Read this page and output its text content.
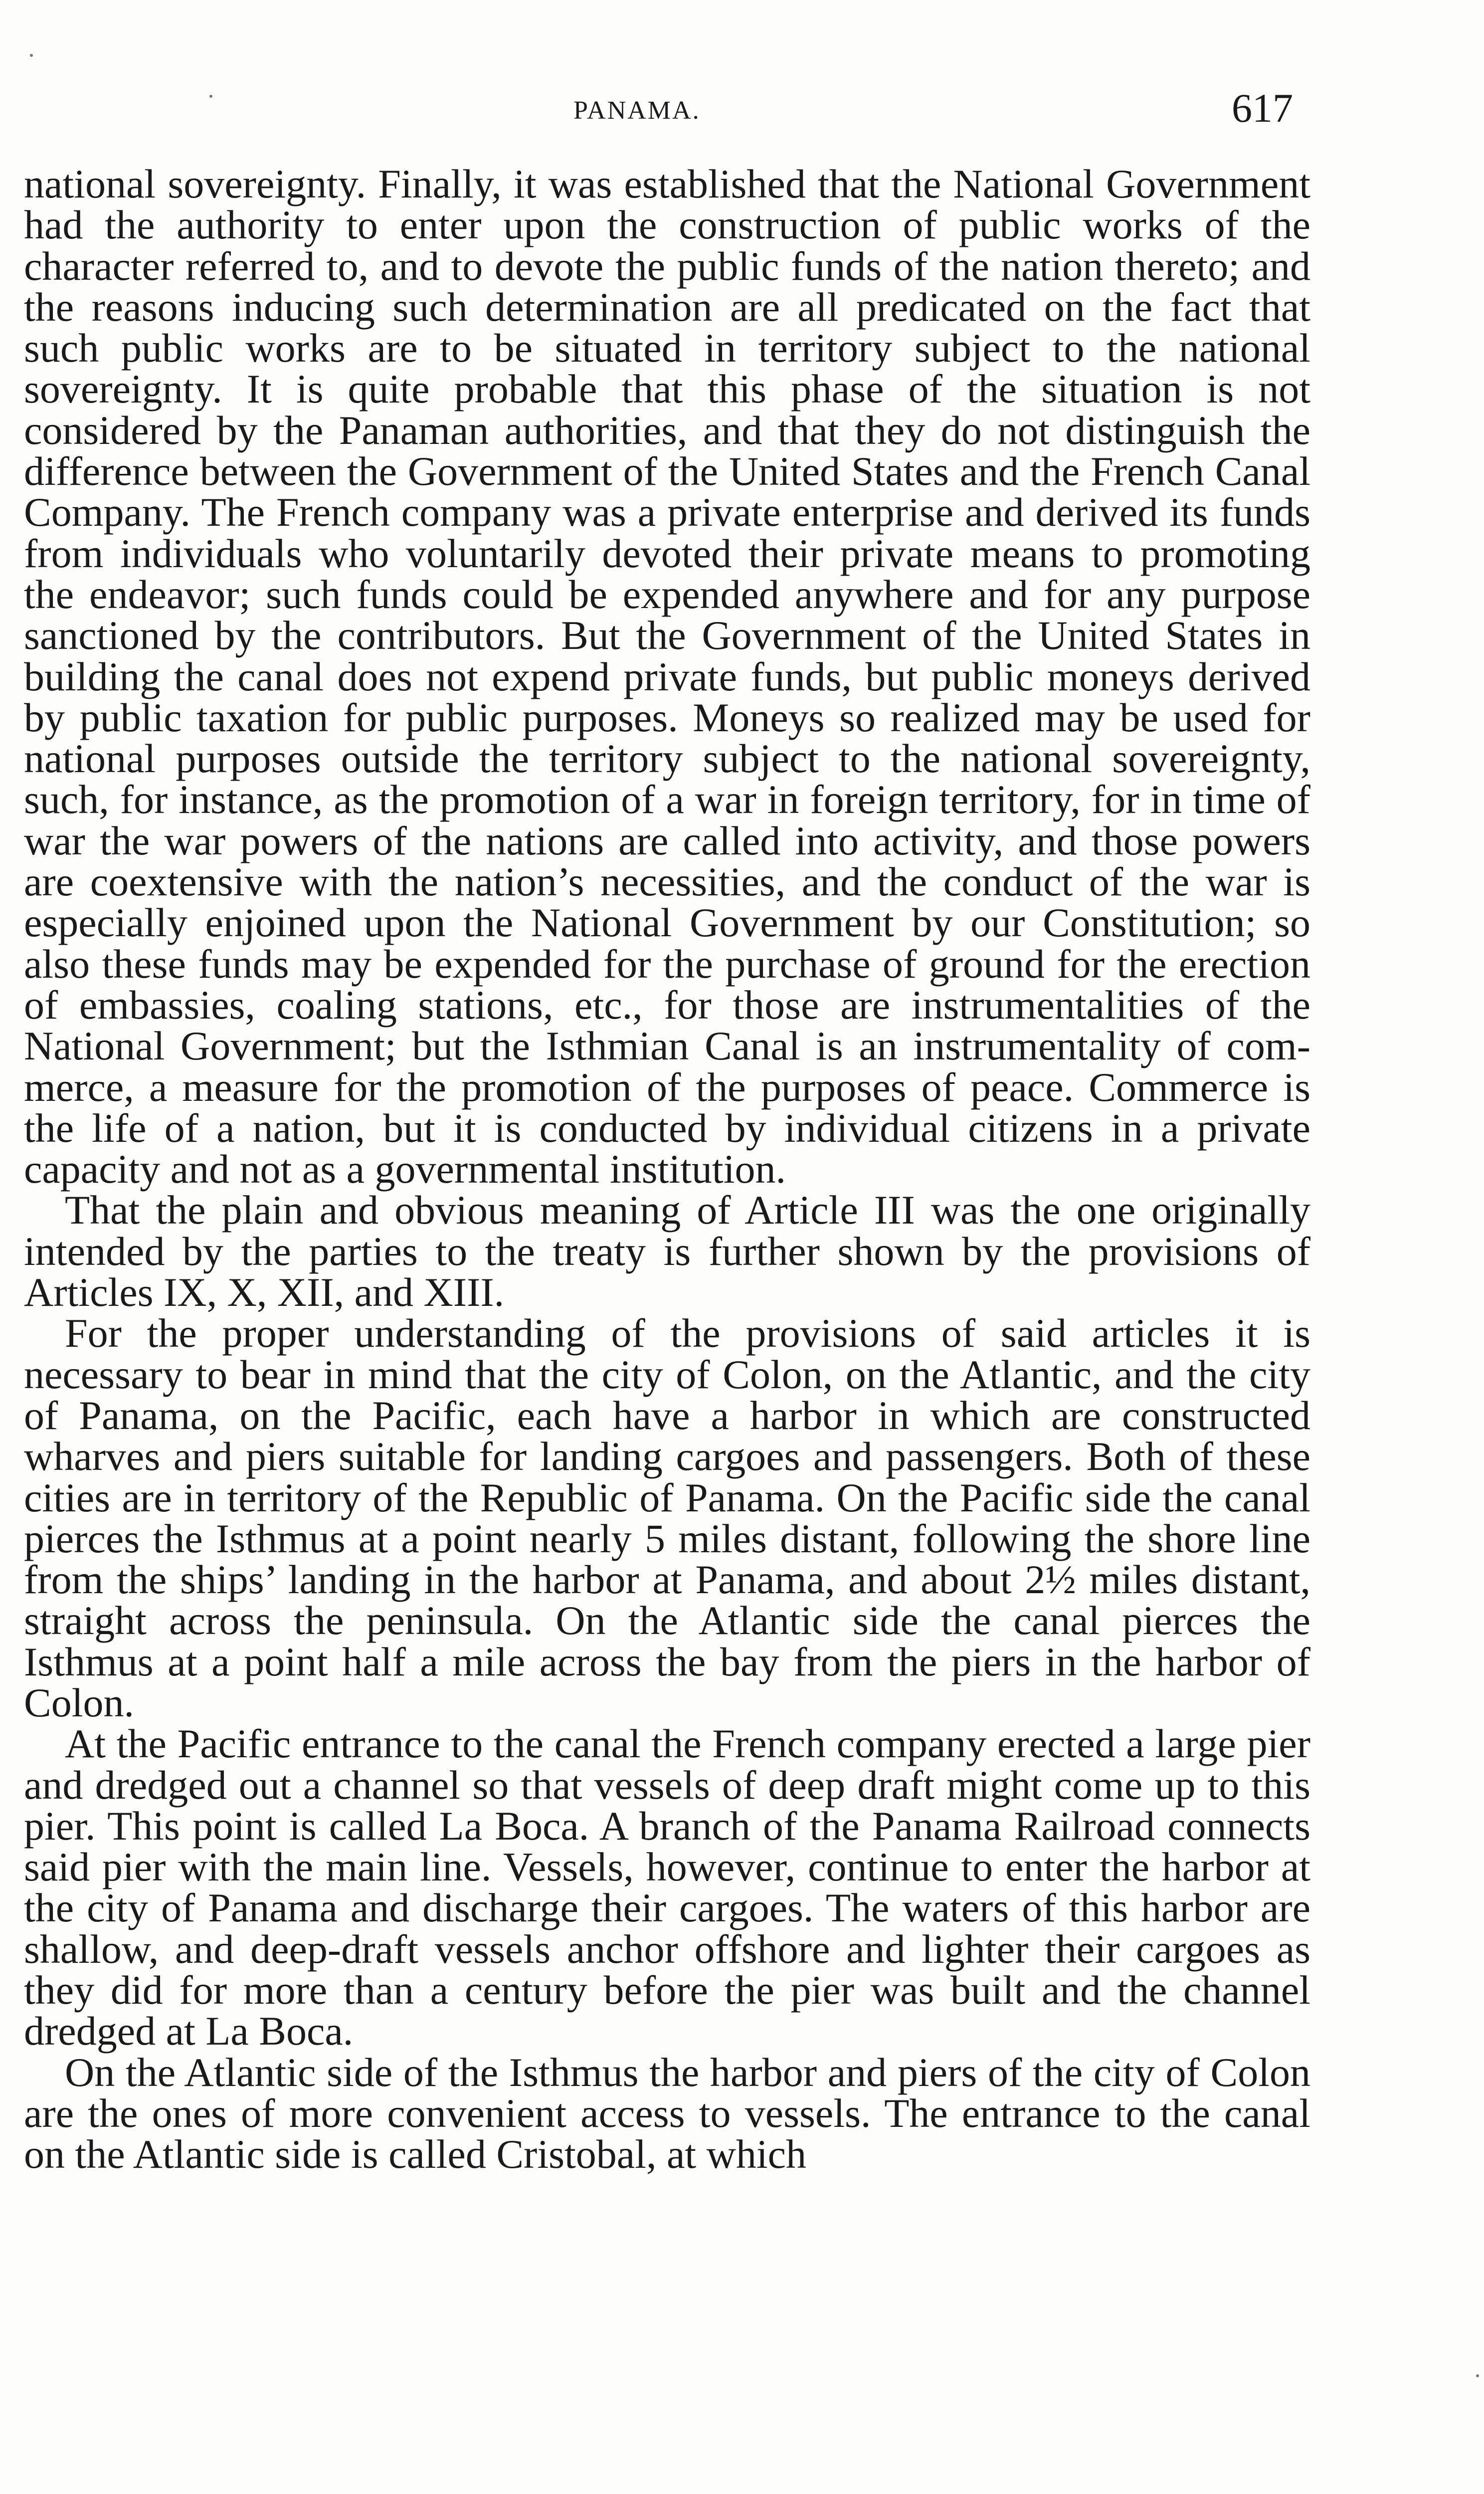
PANAMA.	617

national sovereignty. Finally, it was established that the National Government had the authority to enter upon the construction of public works of the character referred to, and to devote the public funds of the nation thereto; and the reasons inducing such determination are all predicated on the fact that such public works are to be situated in territory subject to the national sovereignty. It is quite probable that this phase of the situation is not considered by the Panaman authorities, and that they do not distinguish the difference between the Government of the United States and the French Canal Company. The French company was a private enterprise and derived its funds from individuals who voluntarily devoted their private means to promoting the endeavor; such funds could be expended anywhere and for any purpose sanctioned by the contributors. But the Government of the United States in building the canal does not expend private funds, but public moneys derived by public taxation for public purposes. Moneys so realized may be used for national purposes outside the territory subject to the national sovereignty, such, for instance, as the promotion of a war in foreign territory, for in time of war the war powers of the nations are called into activity, and those powers are coextensive with the nation’s necessities, and the conduct of the war is especially enjoined upon the National Government by our Constitution; so also these funds may be expended for the purchase of ground for the erection of embassies, coaling stations, etc., for those are instrumentalities of the National Government; but the Isthmian Canal is an instrumentality of commerce, a measure for the promotion of the purposes of peace. Commerce is the life of a nation, but it is conducted by individual citizens in a private capacity and not as a governmental institution.

That the plain and obvious meaning of Article III was the one originally intended by the parties to the treaty is further shown by the provisions of Articles IX, X, XII, and XIII.

For the proper understanding of the provisions of said articles it is necessary to bear in mind that the city of Colon, on the Atlantic, and the city of Panama, on the Pacific, each have a harbor in which are constructed wharves and piers suitable for landing cargoes and passengers. Both of these cities are in territory of the Republic of Panama. On the Pacific side the canal pierces the Isthmus at a point nearly 5 miles distant, following the shore line from the ships’ landing in the harbor at Panama, and about 2½ miles distant, straight across the peninsula. On the Atlantic side the canal pierces the Isthmus at a point half a mile across the bay from the piers in the harbor of Colon.

At the Pacific entrance to the canal the French company erected a large pier and dredged out a channel so that vessels of deep draft might come up to this pier. This point is called La Boca. A branch of the Panama Railroad connects said pier with the main line. Vessels, however, continue to enter the harbor at the city of Panama and discharge their cargoes. The waters of this harbor are shallow, and deep-draft vessels anchor offshore and lighter their cargoes as they did for more than a century before the pier was built and the channel dredged at La Boca.

On the Atlantic side of the Isthmus the harbor and piers of the city of Colon are the ones of more convenient access to vessels. The entrance to the canal on the Atlantic side is called Cristobal, at which
